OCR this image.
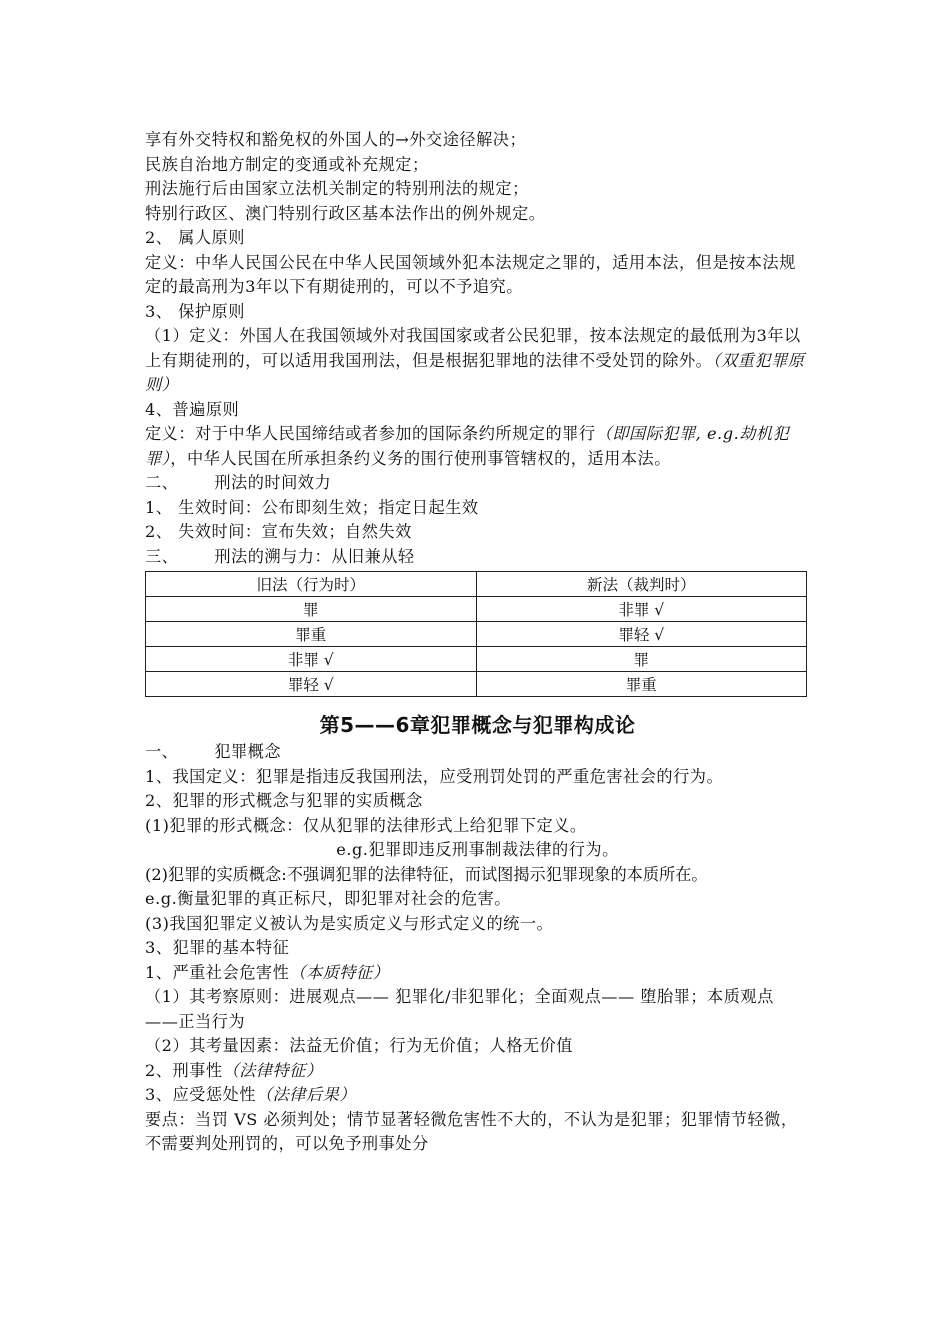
享有外交特权和豁免权的外国人的→外交途径解决；
民族自治地方制定的变通或补充规定；
刑法施行后由国家立法机关制定的特别刑法的规定；
特别行政区、澳门特别行政区基本法作出的例外规定。
2、 属人原则
定义：中华人民国公民在中华人民国领域外犯本法规定之罪的，适用本法，但是按本法规定的最高刑为3年以下有期徒刑的，可以不予追究。
3、 保护原则
（1）定义：外国人在我国领域外对我国国家或者公民犯罪，按本法规定的最低刑为3年以上有期徒刑的，可以适用我国刑法，但是根据犯罪地的法律不受处罚的除外。（双重犯罪原则）
4、普遍原则
定义：对于中华人民国缔结或者参加的国际条约所规定的罪行（即国际犯罪, e.g.劫机犯罪），中华人民国在所承担条约义务的围行使刑事管辖权的，适用本法。
二、 刑法的时间效力
1、 生效时间：公布即刻生效；指定日起生效
2、 失效时间：宣布失效；自然失效
三、 刑法的溯与力：从旧兼从轻
旧法（行为时）	新法（裁判时）
罪	非罪 √
罪重	罪轻 √
非罪 √	罪
罪轻 √	罪重
第5——6章犯罪概念与犯罪构成论
一、 犯罪概念
1、我国定义：犯罪是指违反我国刑法，应受刑罚处罚的严重危害社会的行为。
2、犯罪的形式概念与犯罪的实质概念
(1)犯罪的形式概念：仅从犯罪的法律形式上给犯罪下定义。
e.g.犯罪即违反刑事制裁法律的行为。
(2)犯罪的实质概念:不强调犯罪的法律特征，而试图揭示犯罪现象的本质所在。
e.g.衡量犯罪的真正标尺，即犯罪对社会的危害。
(3)我国犯罪定义被认为是实质定义与形式定义的统一。
3、犯罪的基本特征
1、严重社会危害性（本质特征）
（1）其考察原则：进展观点—— 犯罪化/非犯罪化；全面观点—— 堕胎罪；本质观点 ——正当行为
（2）其考量因素：法益无价值；行为无价值；人格无价值
2、刑事性（法律特征）
3、应受惩处性（法律后果）
要点：当罚 VS 必须判处；情节显著轻微危害性不大的，不认为是犯罪；犯罪情节轻微，不需要判处刑罚的，可以免予刑事处分
